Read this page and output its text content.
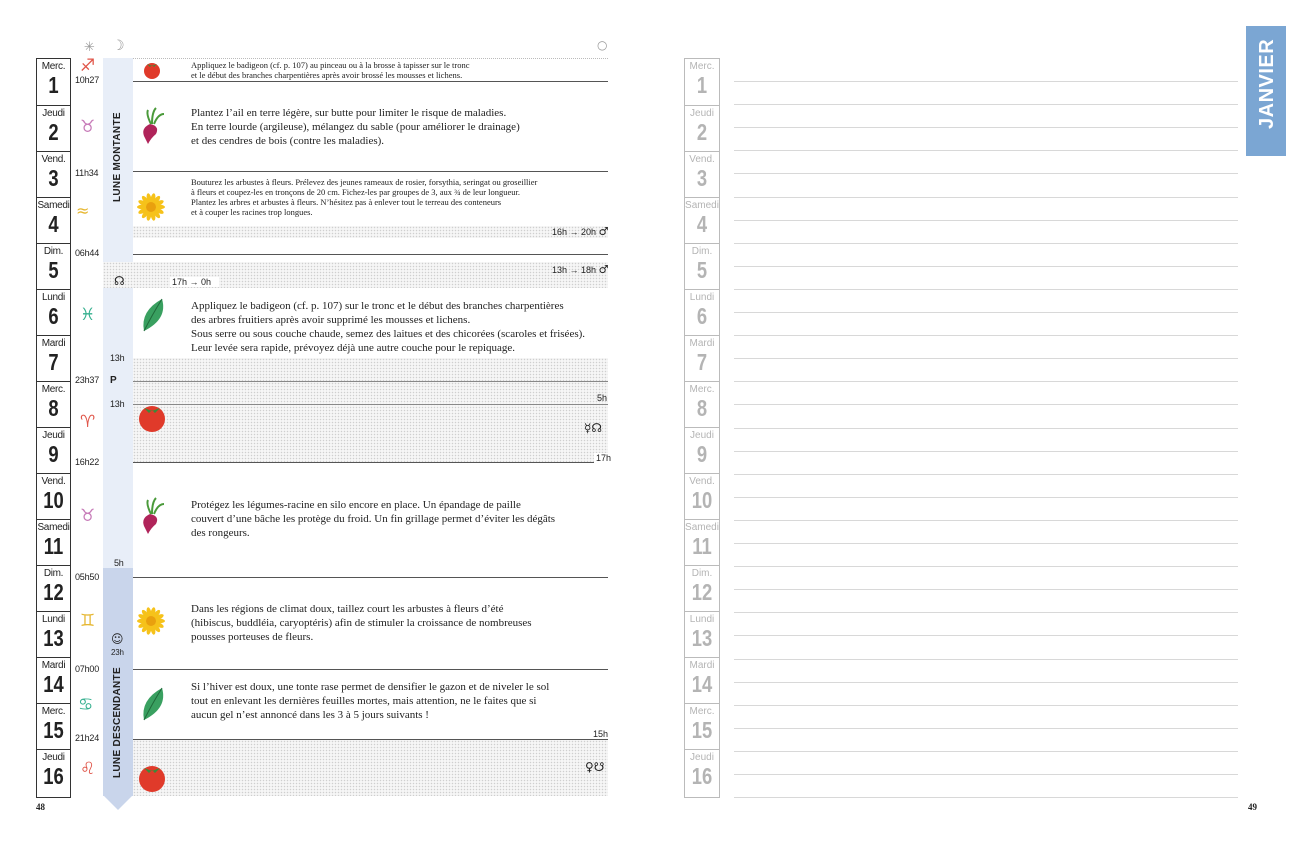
✳ ☽	○
Merc.
1
Jeudi
2
Vend.
3
Samedi
4
Dim.
5
Lundi
6
Mardi
7
Merc.
8
Jeudi
9
Vend.
10
Samedi
11
Dim.
12
Lundi
13
Mardi
14
Merc.
15
Jeudi
16
10h27
11h34
06h44
23h37
16h22
05h50
07h00
21h24
♐
♉
≈
♓
♈
♉
♊
♋
♌
LUNE MONTANTE
LUNE DESCENDANTE
13h
P
13h
5h
☺
23h
16h → 20h ♂
13h → 18h ♂
17h → 0h
☊
5h
☿☊
17h
15h
♀☋

Appliquez le badigeon (cf. p. 107) au pinceau ou à la brosse à tapisser sur le tronc

et le début des branches charpentières après avoir brossé les mousses et lichens.

Plantez l’ail en terre légère, sur butte pour limiter le risque de maladies.

En terre lourde (argileuse), mélangez du sable (pour améliorer le drainage)

et des cendres de bois (contre les maladies).

Bouturez les arbustes à fleurs. Prélevez des jeunes rameaux de rosier, forsythia, seringat ou groseillier

à fleurs et coupez-les en tronçons de 20 cm. Fichez-les par groupes de 3, aux ¾ de leur longueur.

Plantez les arbres et arbustes à fleurs. N’hésitez pas à enlever tout le terreau des conteneurs

et à couper les racines trop longues.

Appliquez le badigeon (cf. p. 107) sur le tronc et le début des branches charpentières

des arbres fruitiers après avoir supprimé les mousses et lichens.

Sous serre ou sous couche chaude, semez des laitues et des chicorées (scaroles et frisées).

Leur levée sera rapide, prévoyez déjà une autre couche pour le repiquage.

Protégez les légumes-racine en silo encore en place. Un épandage de paille

couvert d’une bâche les protège du froid. Un fin grillage permet d’éviter les dégâts

des rongeurs.

Dans les régions de climat doux, taillez court les arbustes à fleurs d’été

(hibiscus, buddléia, caryoptéris) afin de stimuler la croissance de nombreuses

pousses porteuses de fleurs.

Si l’hiver est doux, une tonte rase permet de densifier le gazon et de niveler le sol

tout en enlevant les dernières feuilles mortes, mais attention, ne le faites que si

aucun gel n’est annoncé dans les 3 à 5 jours suivants !

48
Merc.
1
Jeudi
2
Vend.
3
Samedi
4
Dim.
5
Lundi
6
Mardi
7
Merc.
8
Jeudi
9
Vend.
10
Samedi
11
Dim.
12
Lundi
13
Mardi
14
Merc.
15
Jeudi
16
JANVIER
49
